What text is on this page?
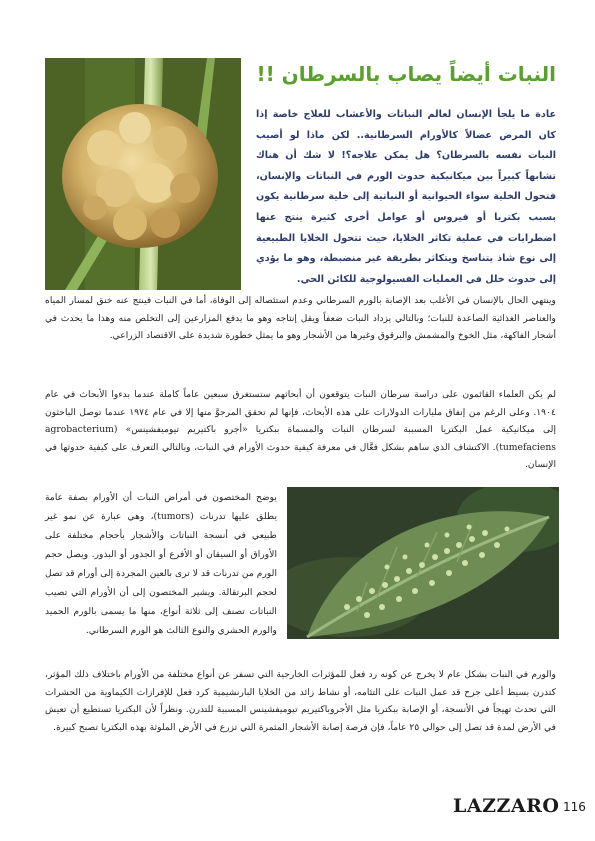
النبات أيضاً يصاب بالسرطان !!

عادة ما يلجأ الإنسان لعالم النباتات والأعشاب للعلاج خاصة إذا كان المرض عضالاً كالأورام السرطانية.. لكن ماذا لو أصيب النبات نفسه بالسرطان؟ هل يمكن علاجه؟! لا شك أن هناك تشابهاً كبيراً بين ميكانيكية حدوث الورم في النباتات والإنسان، فتحول الخلية سواء الحيوانية أو النباتية إلى خلية سرطانية يكون بسبب بكتريا أو فيروس أو عوامل أخرى كثيرة ينتج عنها اضطرابات في عملية تكاثر الخلايا، حيث تتحول الخلايا الطبيعية إلى نوع شاذ يتناسخ ويتكاثر بطريقة غير منضبطة، وهو ما يؤدي إلى حدوث خلل في العمليات الفسيولوجية للكائن الحي.

وينتهي الحال بالإنسان في الأغلب بعد الإصابة بالورم السرطاني وعدم استئصاله إلى الوفاة، أما في النبات فينتج عنه خنق لمسار المياه والعناصر الغذائية الصاعدة للنبات؛ وبالتالي يزداد النبات ضعفاً ويقل إنتاجه وهو ما يدفع المزارعين إلى التخلص منه وهذا ما يحدث في أشجار الفاكهة، مثل الخوخ والمشمش والبرقوق وغيرها من الأشجار وهو ما يمثل خطورة شديدة على الاقتصاد الزراعي.

لم يكن العلماء القائمون على دراسة سرطان النبات يتوقعون أن أبحاثهم ستستغرق سبعين عاماً كاملة عندما بدءوا الأبحاث في عام ١٩٠٤. وعلى الرغم من إنفاق مليارات الدولارات على هذه الأبحاث، فإنها لم تحقق المرجوَّ منها إلا في عام ١٩٧٤ عندما توصل الباحثون إلى ميكانيكية عمل البكتريا المسببة لسرطان النبات والمسماة ببكتريا «أجرو باكتيريم تيوميفشينس» (agrobacterium tumefaciens). الاكتشاف الذي ساهم بشكل فعَّال في معرفة كيفية حدوث الأورام في النبات، وبالتالي التعرف على كيفية حدوثها في الإنسان.

يوضح المختصون في أمراض النبات أن الأورام بصفة عامة يطلق عليها تدرنات (tumors)، وهي عبارة عن نمو غير طبيعي في أنسجة النباتات والأشجار بأحجام مختلفة على الأوراق أو السيقان أو الأفرع أو الجذور أو البذور. ويصل حجم الورم من تدرنات قد لا ترى بالعين المجردة إلى أورام قد تصل لحجم البرتقالة. ويشير المختصون إلى أن الأورام التي تصيب النباتات تصنف إلى ثلاثة أنواع، منها ما يسمى بالورم الحميد والورم الحشري والنوع الثالث هو الورم السرطاني.

والورم في النبات بشكل عام لا يخرج عن كونه رد فعل للمؤثرات الخارجية التي تسفر عن أنواع مختلفة من الأورام باختلاف ذلك المؤثر، كتدرن بسيط أعلى جرح قد عمل النبات على التئامه، أو نشاط زائد من الخلايا البارنشيمية كرد فعل للإفرازات الكيماوية من الحشرات التي تحدث تهيجاً في الأنسجة، أو الإصابة ببكتريا مثل الأجروباكتيريم تيوميفشينس المسببة للتدرن. ونظراً لأن البكتريا تستطيع أن تعيش في الأرض لمدة قد تصل إلى حوالي ٢٥ عاماً، فإن فرصة إصابة الأشجار المثمرة التي تزرع في الأرض الملوثة بهذه البكتريا تصبح كبيرة.

LAZZARO 116
